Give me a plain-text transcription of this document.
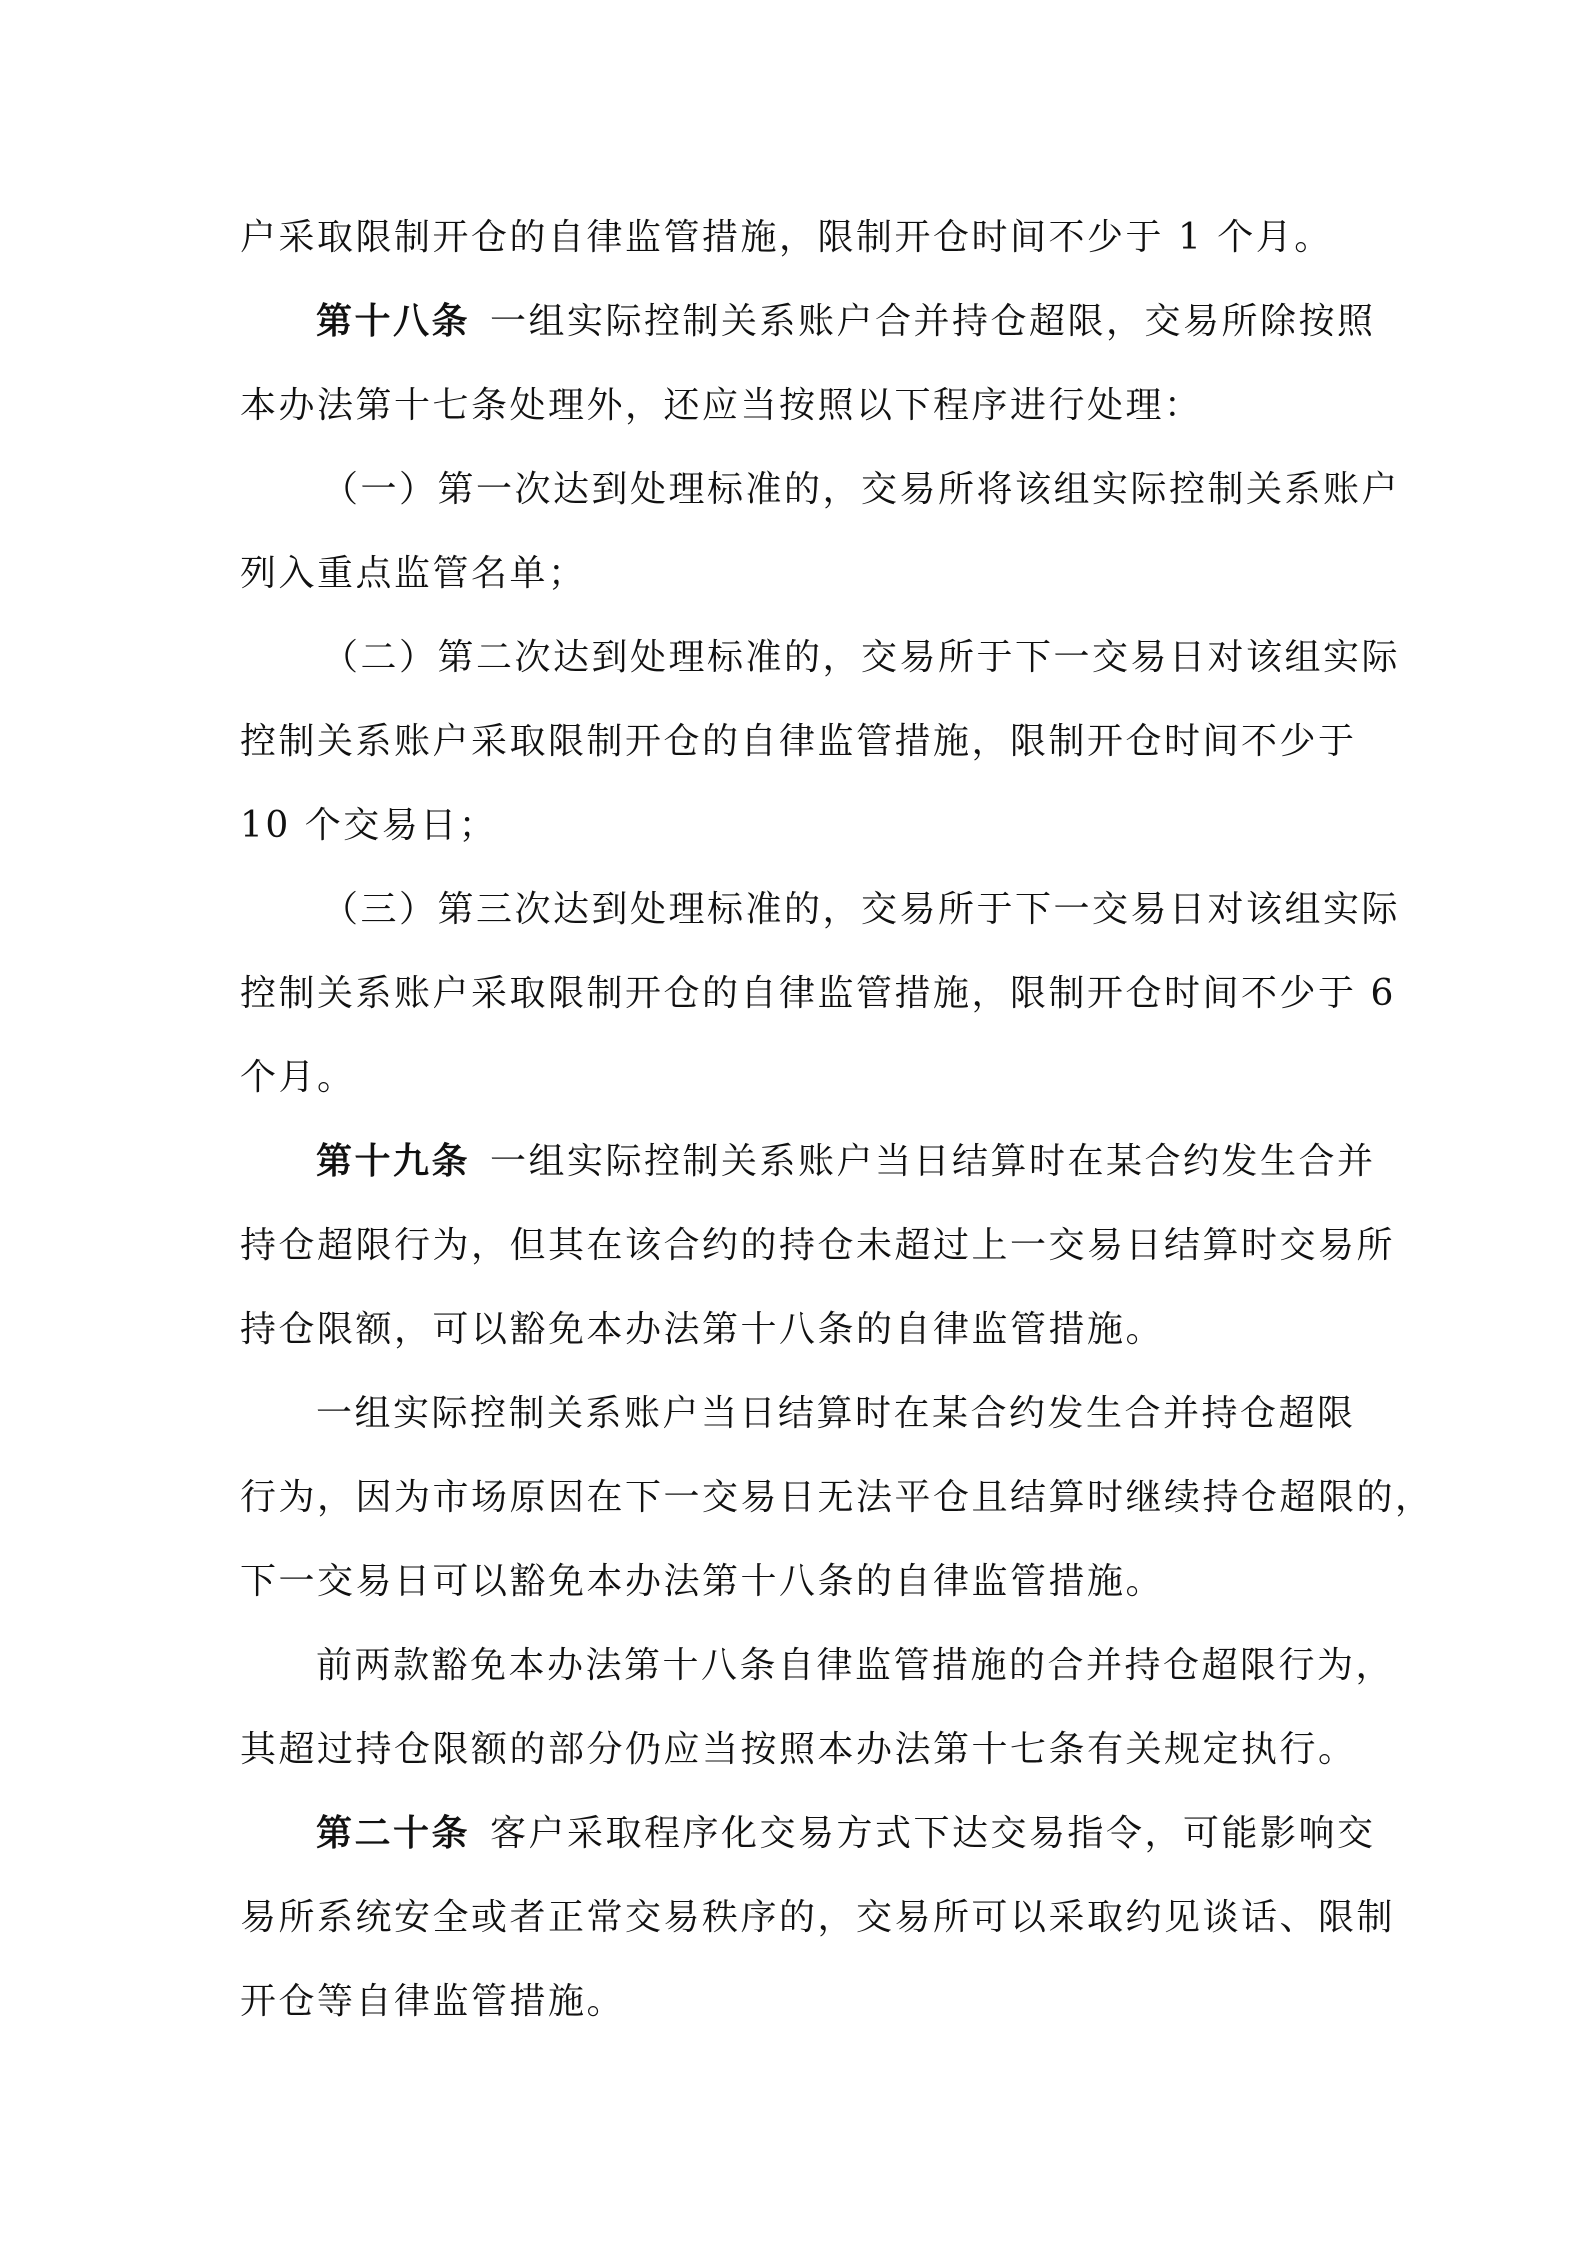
户采取限制开仓的自律监管措施，限制开仓时间不少于 1 个月。
第十八条 一组实际控制关系账户合并持仓超限，交易所除按照
本办法第十七条处理外，还应当按照以下程序进行处理：
（一）第一次达到处理标准的，交易所将该组实际控制关系账户
列入重点监管名单；
（二）第二次达到处理标准的，交易所于下一交易日对该组实际
控制关系账户采取限制开仓的自律监管措施，限制开仓时间不少于
10 个交易日；
（三）第三次达到处理标准的，交易所于下一交易日对该组实际
控制关系账户采取限制开仓的自律监管措施，限制开仓时间不少于 6
个月。
第十九条 一组实际控制关系账户当日结算时在某合约发生合并
持仓超限行为，但其在该合约的持仓未超过上一交易日结算时交易所
持仓限额，可以豁免本办法第十八条的自律监管措施。
一组实际控制关系账户当日结算时在某合约发生合并持仓超限
行为，因为市场原因在下一交易日无法平仓且结算时继续持仓超限的，
下一交易日可以豁免本办法第十八条的自律监管措施。
前两款豁免本办法第十八条自律监管措施的合并持仓超限行为，
其超过持仓限额的部分仍应当按照本办法第十七条有关规定执行。
第二十条 客户采取程序化交易方式下达交易指令，可能影响交
易所系统安全或者正常交易秩序的，交易所可以采取约见谈话、限制
开仓等自律监管措施。
